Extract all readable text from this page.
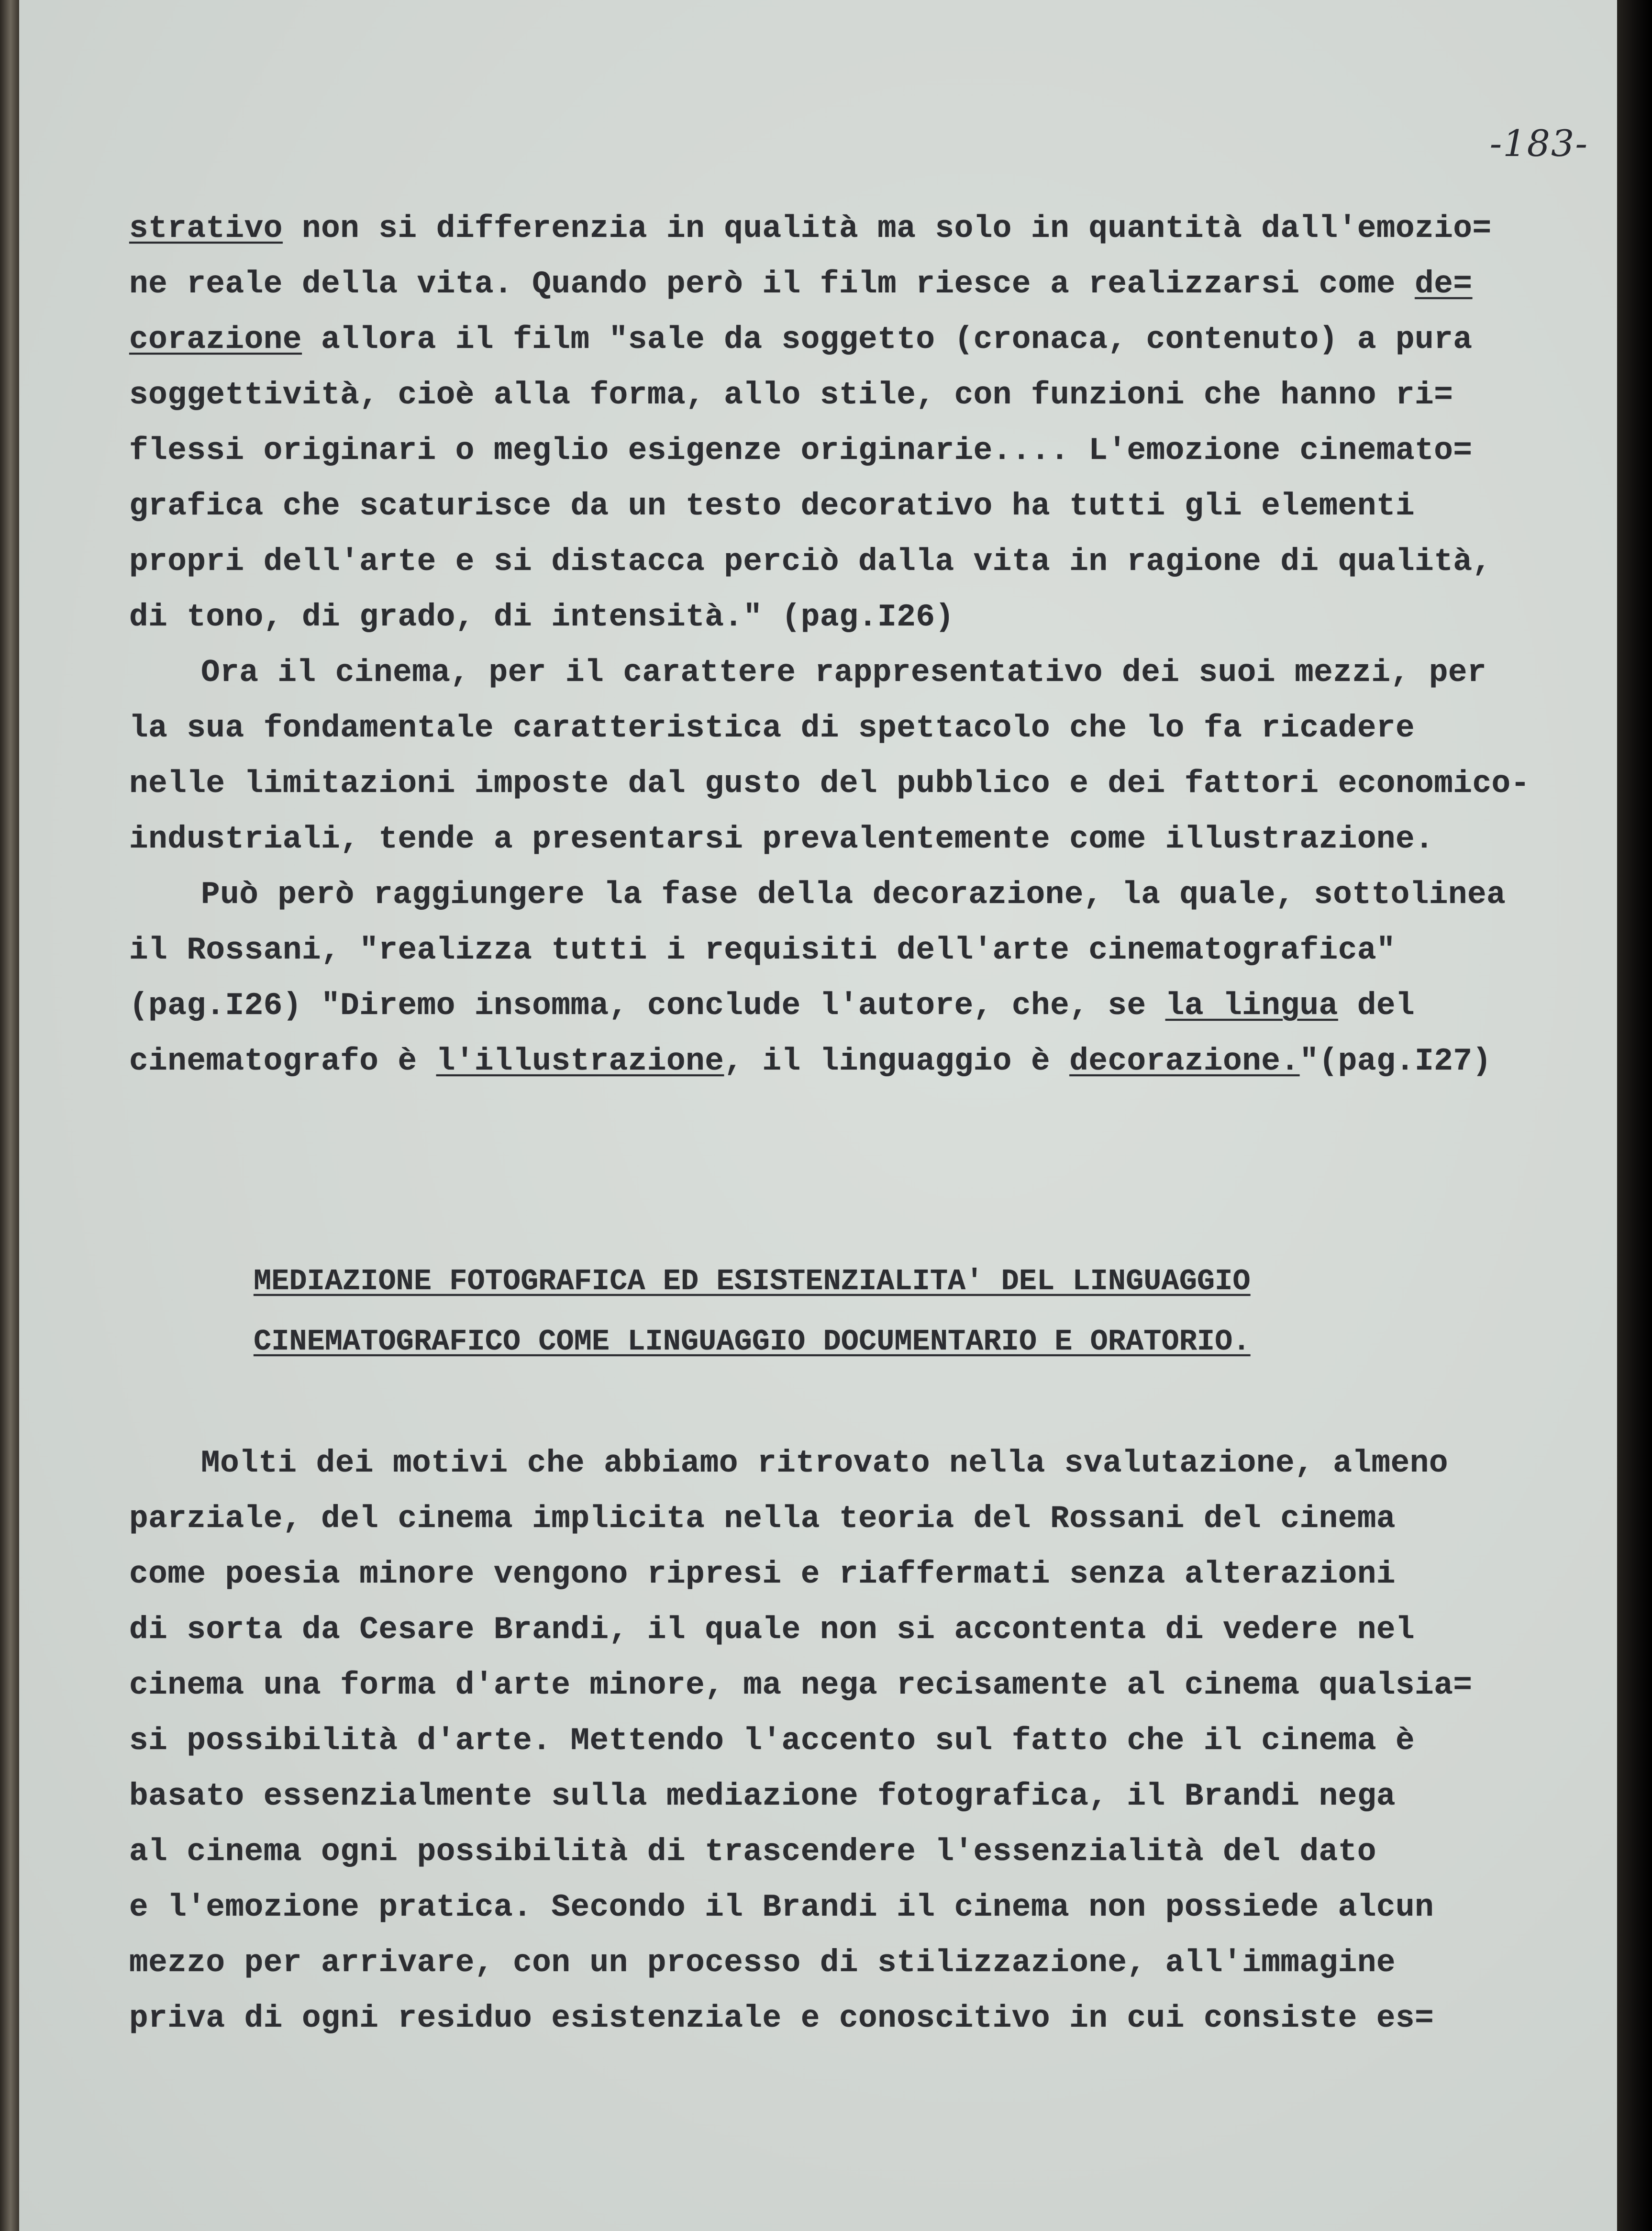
-183-
strativo non si differenzia in qualità ma solo in quantità dall'emozio=
ne reale della vita. Quando però il film riesce a realizzarsi come de=
corazione allora il film "sale da soggetto (cronaca, contenuto) a pura
soggettività, cioè alla forma, allo stile, con funzioni che hanno ri=
flessi originari o meglio esigenze originarie.... L'emozione cinemato=
grafica che scaturisce da un testo decorativo ha tutti gli elementi
propri dell'arte e si distacca perciò dalla vita in ragione di qualità,
di tono, di grado, di intensità." (pag.I26)
Ora il cinema, per il carattere rappresentativo dei suoi mezzi, per
la sua fondamentale caratteristica di spettacolo che lo fa ricadere
nelle limitazioni imposte dal gusto del pubblico e dei fattori economico-
industriali, tende a presentarsi prevalentemente come illustrazione.
Può però raggiungere la fase della decorazione, la quale, sottolinea
il Rossani, "realizza tutti i requisiti dell'arte cinematografica"
(pag.I26) "Diremo insomma, conclude l'autore, che, se la lingua del
cinematografo è l'illustrazione, il linguaggio è decorazione."(pag.I27)
MEDIAZIONE FOTOGRAFICA ED ESISTENZIALITA' DEL LINGUAGGIO
CINEMATOGRAFICO COME LINGUAGGIO DOCUMENTARIO E ORATORIO.
Molti dei motivi che abbiamo ritrovato nella svalutazione, almeno
parziale, del cinema implicita nella teoria del Rossani del cinema
come poesia minore vengono ripresi e riaffermati senza alterazioni
di sorta da Cesare Brandi, il quale non si accontenta di vedere nel
cinema una forma d'arte minore, ma nega recisamente al cinema qualsia=
si possibilità d'arte. Mettendo l'accento sul fatto che il cinema è
basato essenzialmente sulla mediazione fotografica, il Brandi nega
al cinema ogni possibilità di trascendere l'essenzialità del dato
e l'emozione pratica. Secondo il Brandi il cinema non possiede alcun
mezzo per arrivare, con un processo di stilizzazione, all'immagine
priva di ogni residuo esistenziale e conoscitivo in cui consiste es=
